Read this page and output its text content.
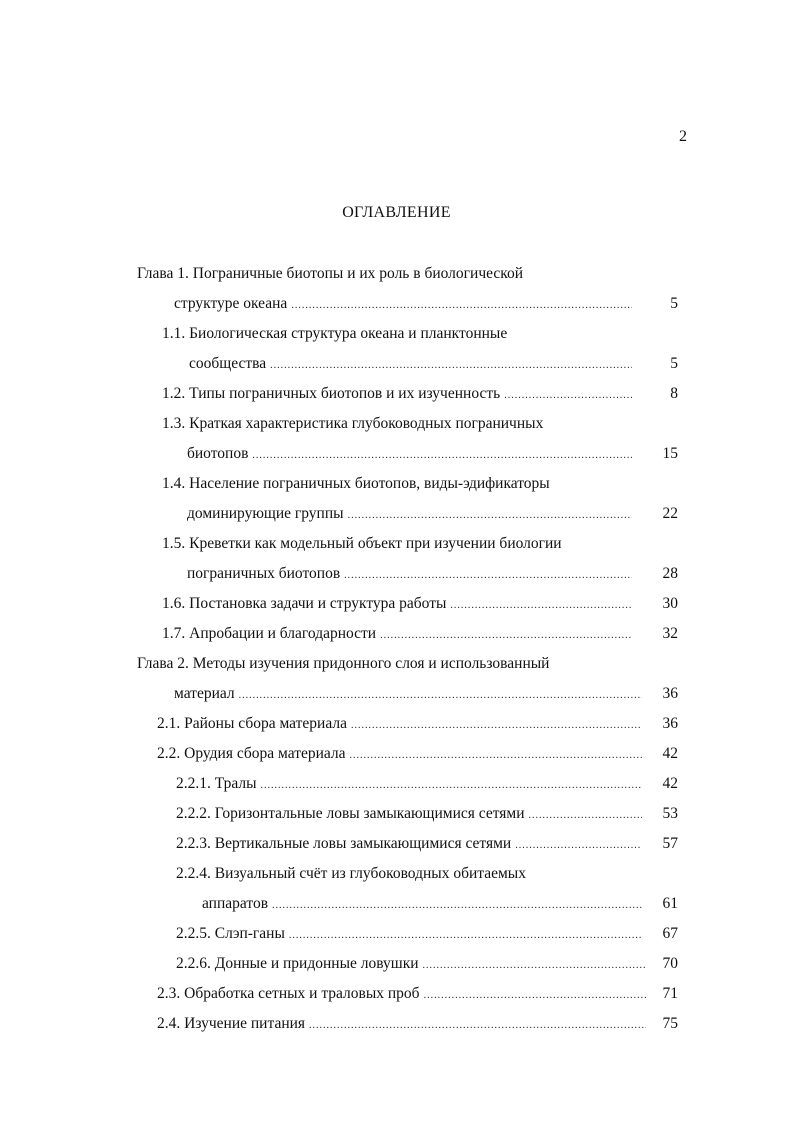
2
ОГЛАВЛЕНИЕ
Глава 1. Пограничные биотопы и их роль в биологической
структуре океана .....	5
1.1. Биологическая структура океана и планктонные
сообщества .....	5
1.2. Типы пограничных биотопов и их изученность .....	8
1.3. Краткая характеристика глубоководных пограничных
биотопов .....	15
1.4. Население пограничных биотопов, виды-эдификаторы
доминирующие группы .....	22
1.5. Креветки как модельный объект при изучении биологии
пограничных биотопов .....	28
1.6. Постановка задачи и структура работы .....	30
1.7. Апробации и благодарности .....	32
Глава 2. Методы изучения придонного слоя и использованный
материал .....	36
2.1. Районы сбора материала .....	36
2.2. Орудия сбора материала .....	42
2.2.1. Тралы .....	42
2.2.2. Горизонтальные ловы замыкающимися сетями .....	53
2.2.3. Вертикальные ловы замыкающимися сетями .....	57
2.2.4. Визуальный счёт из глубоководных обитаемых
аппаратов .....	61
2.2.5. Слэп-ганы .....	67
2.2.6. Донные и придонные ловушки .....	70
2.3. Обработка сетных и траловых проб .....	71
2.4. Изучение питания .....	75
